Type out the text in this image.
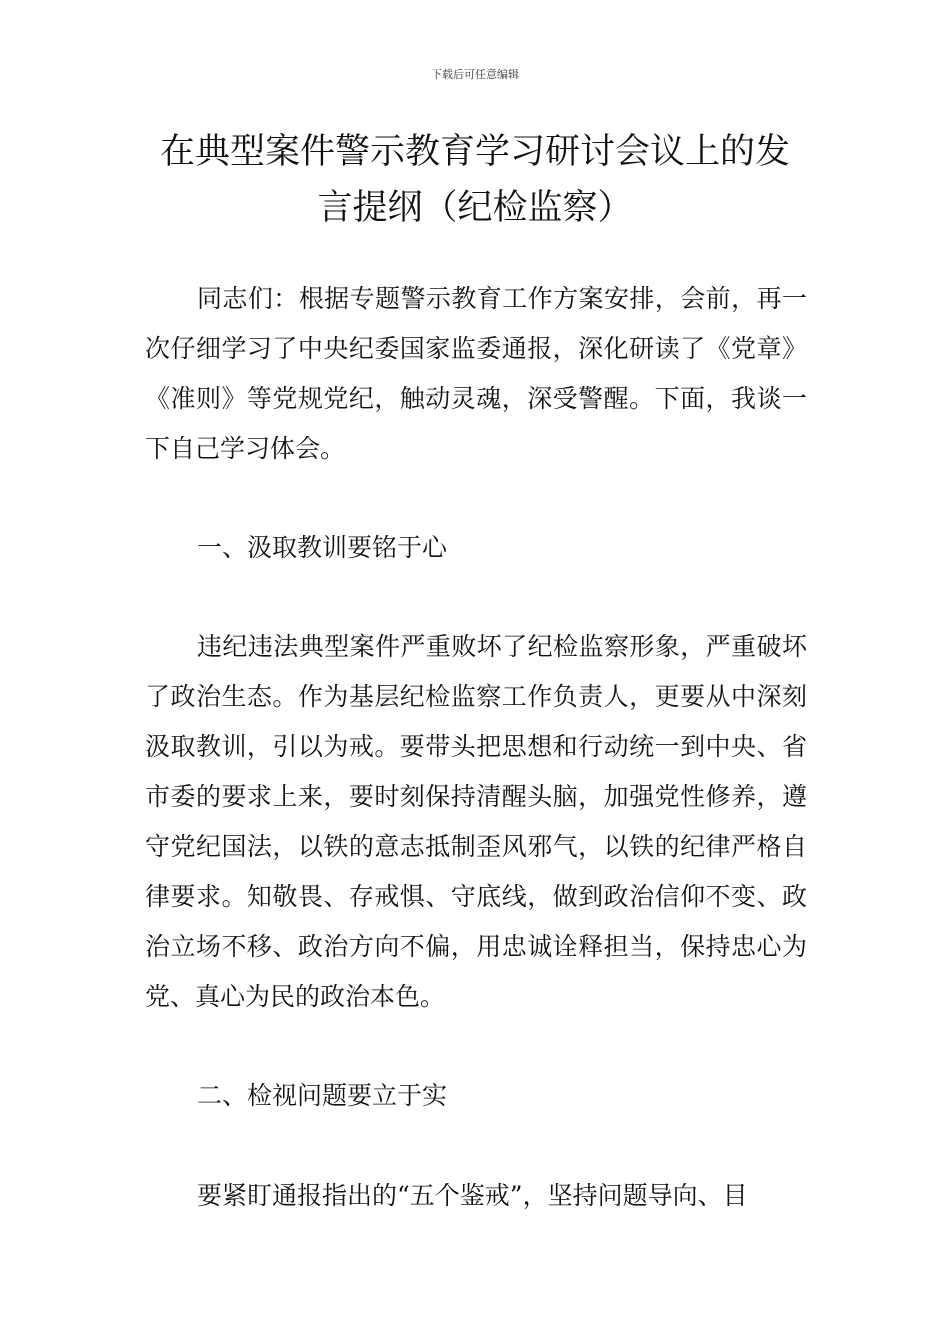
下载后可任意编辑
在典型案件警示教育学习研讨会议上的发
言提纲（纪检监察）

同志们：根据专题警示教育工作方案安排，会前，再一次仔细学习了中央纪委国家监委通报，深化研读了《党章》《准则》等党规党纪，触动灵魂，深受警醒。下面，我谈一下自己学习体会。

一、汲取教训要铭于心

违纪违法典型案件严重败坏了纪检监察形象，严重破坏了政治生态。作为基层纪检监察工作负责人，更要从中深刻汲取教训，引以为戒。要带头把思想和行动统一到中央、省市委的要求上来，要时刻保持清醒头脑，加强党性修养，遵守党纪国法，以铁的意志抵制歪风邪气，以铁的纪律严格自律要求。知敬畏、存戒惧、守底线，做到政治信仰不变、政治立场不移、政治方向不偏，用忠诚诠释担当，保持忠心为党、真心为民的政治本色。

二、检视问题要立于实

要紧盯通报指出的“五个鉴戒”，坚持问题导向、目
